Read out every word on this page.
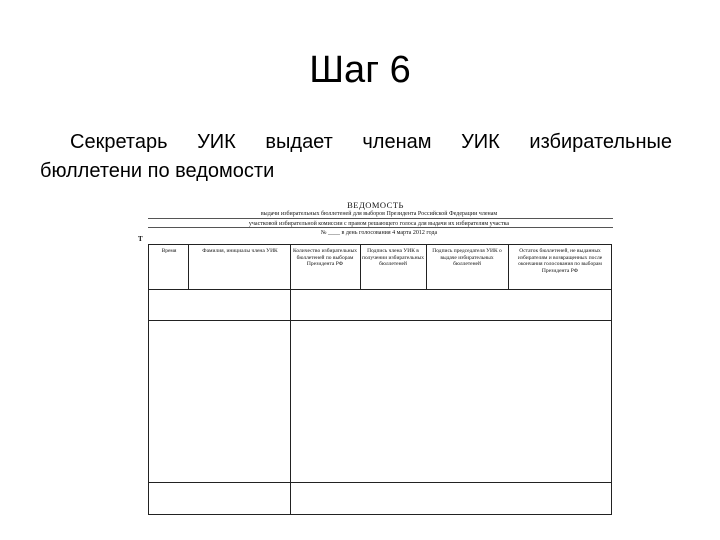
Шаг 6
Секретарь УИК выдает членам УИК избирательные
бюллетени по ведомости
ВЕДОМОСТЬ
выдачи избирательных бюллетеней для выборов Президента Российской Федерации членам
участковой избирательной комиссии с правом решающего голоса для выдачи их избирателям участка
№ ____ в день голосования 4 марта 2012 года
Т
Время	Фамилия, инициалы члена УИК	Количество избирательных бюллетеней по выборам Президента РФ
Подпись члена УИК в получении избирательных бюллетеней
Подпись председателя УИК о выдаче избирательных бюллетеней
Остаток бюллетеней, не выданных избирателям и возвращенных после окончания голосования по выборам Президента РФ
